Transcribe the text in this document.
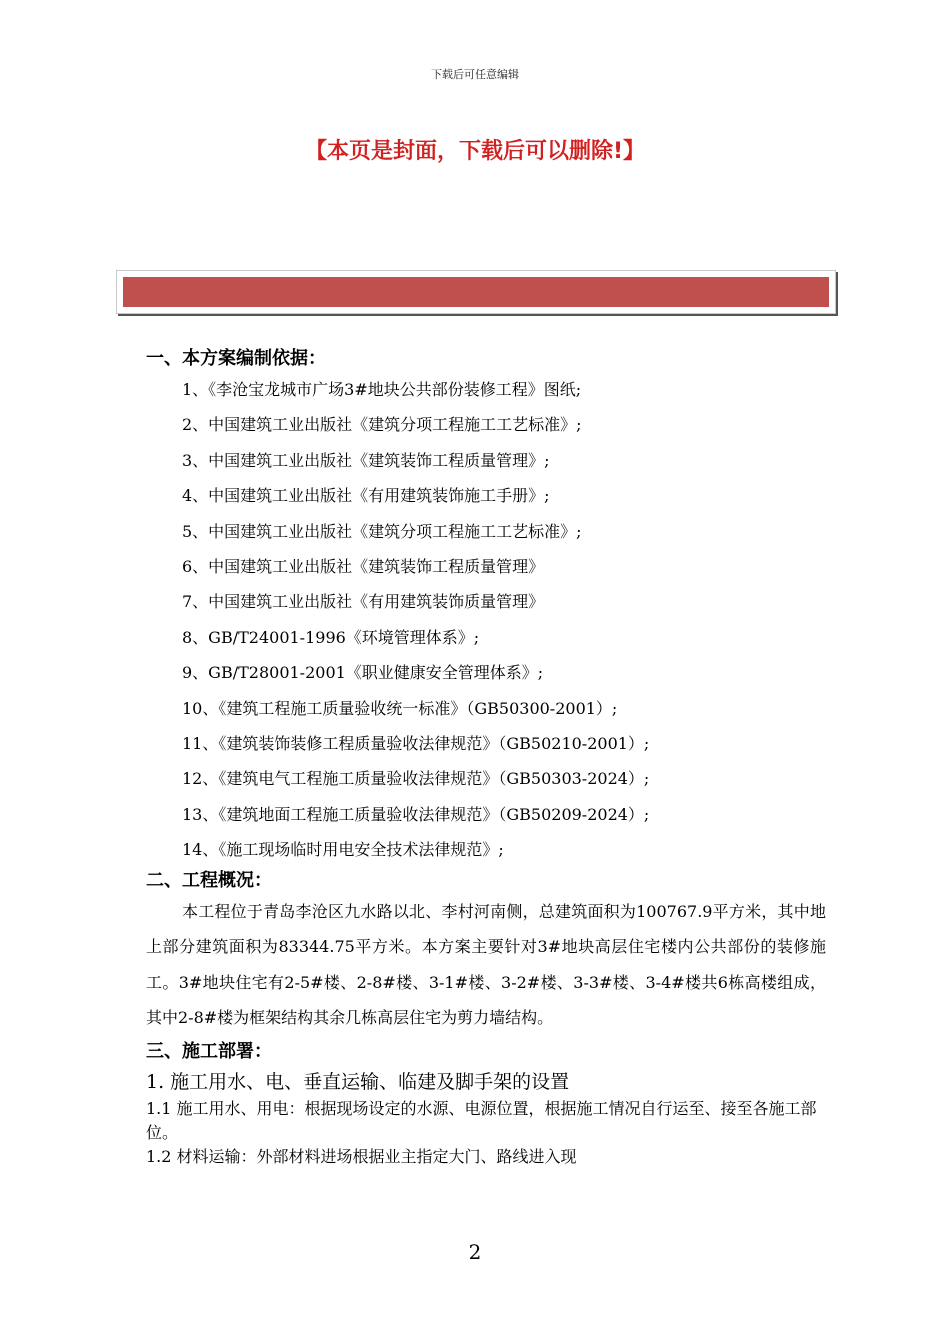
下载后可任意编辑
【本页是封面，下载后可以删除!】
一、本方案编制依据：
1、《李沧宝龙城市广场3#地块公共部份装修工程》图纸;
2、中国建筑工业出版社《建筑分项工程施工工艺标准》;
3、中国建筑工业出版社《建筑装饰工程质量管理》;
4、中国建筑工业出版社《有用建筑装饰施工手册》;
5、中国建筑工业出版社《建筑分项工程施工工艺标准》;
6、中国建筑工业出版社《建筑装饰工程质量管理》
7、中国建筑工业出版社《有用建筑装饰质量管理》
8、GB/T24001-1996《环境管理体系》;
9、GB/T28001-2001《职业健康安全管理体系》;
10、《建筑工程施工质量验收统一标准》（GB50300-2001）;
11、《建筑装饰装修工程质量验收法律规范》（GB50210-2001）;
12、《建筑电气工程施工质量验收法律规范》（GB50303-2024）;
13、《建筑地面工程施工质量验收法律规范》（GB50209-2024）;
14、《施工现场临时用电安全技术法律规范》;
二、工程概况：

本工程位于青岛李沧区九水路以北、李村河南侧，总建筑面积为100767.9平方米，其中地上部分建筑面积为83344.75平方米。本方案主要针对3#地块高层住宅楼内公共部份的装修施工。3#地块住宅有2-5#楼、2-8#楼、3-1#楼、3-2#楼、3-3#楼、3-4#楼共6栋高楼组成，其中2-8#楼为框架结构其余几栋高层住宅为剪力墙结构。

三、施工部署：

1. 施工用水、电、垂直运输、临建及脚手架的设置

1.1 施工用水、用电：根据现场设定的水源、电源位置，根据施工情况自行运至、接至各施工部位。

1.2 材料运输：外部材料进场根据业主指定大门、路线进入现

2
